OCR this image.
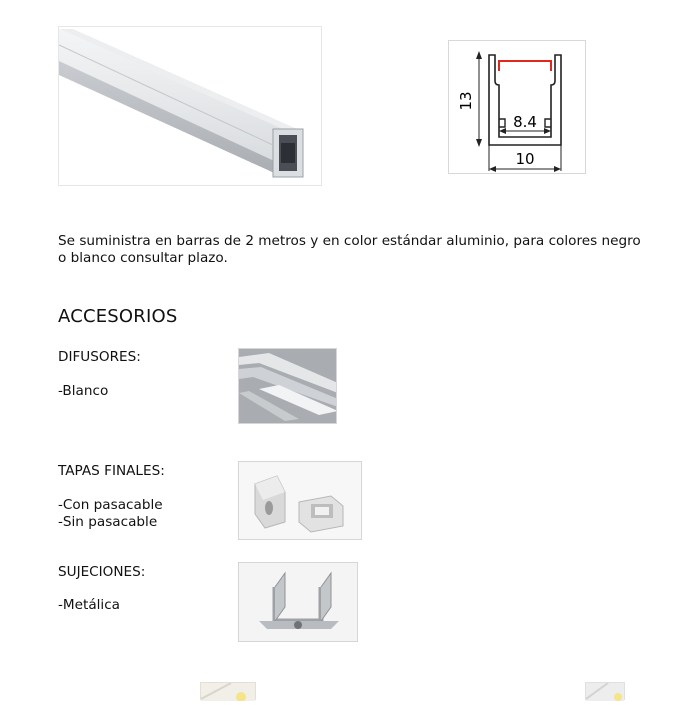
13
8.4
10
Se suministra en barras de 2 metros y en color estándar aluminio, para colores negro o blanco consultar plazo.
ACCESORIOS
DIFUSORES:
-Blanco
TAPAS FINALES:
-Con pasacable
-Sin pasacable
SUJECIONES:
-Metálica
